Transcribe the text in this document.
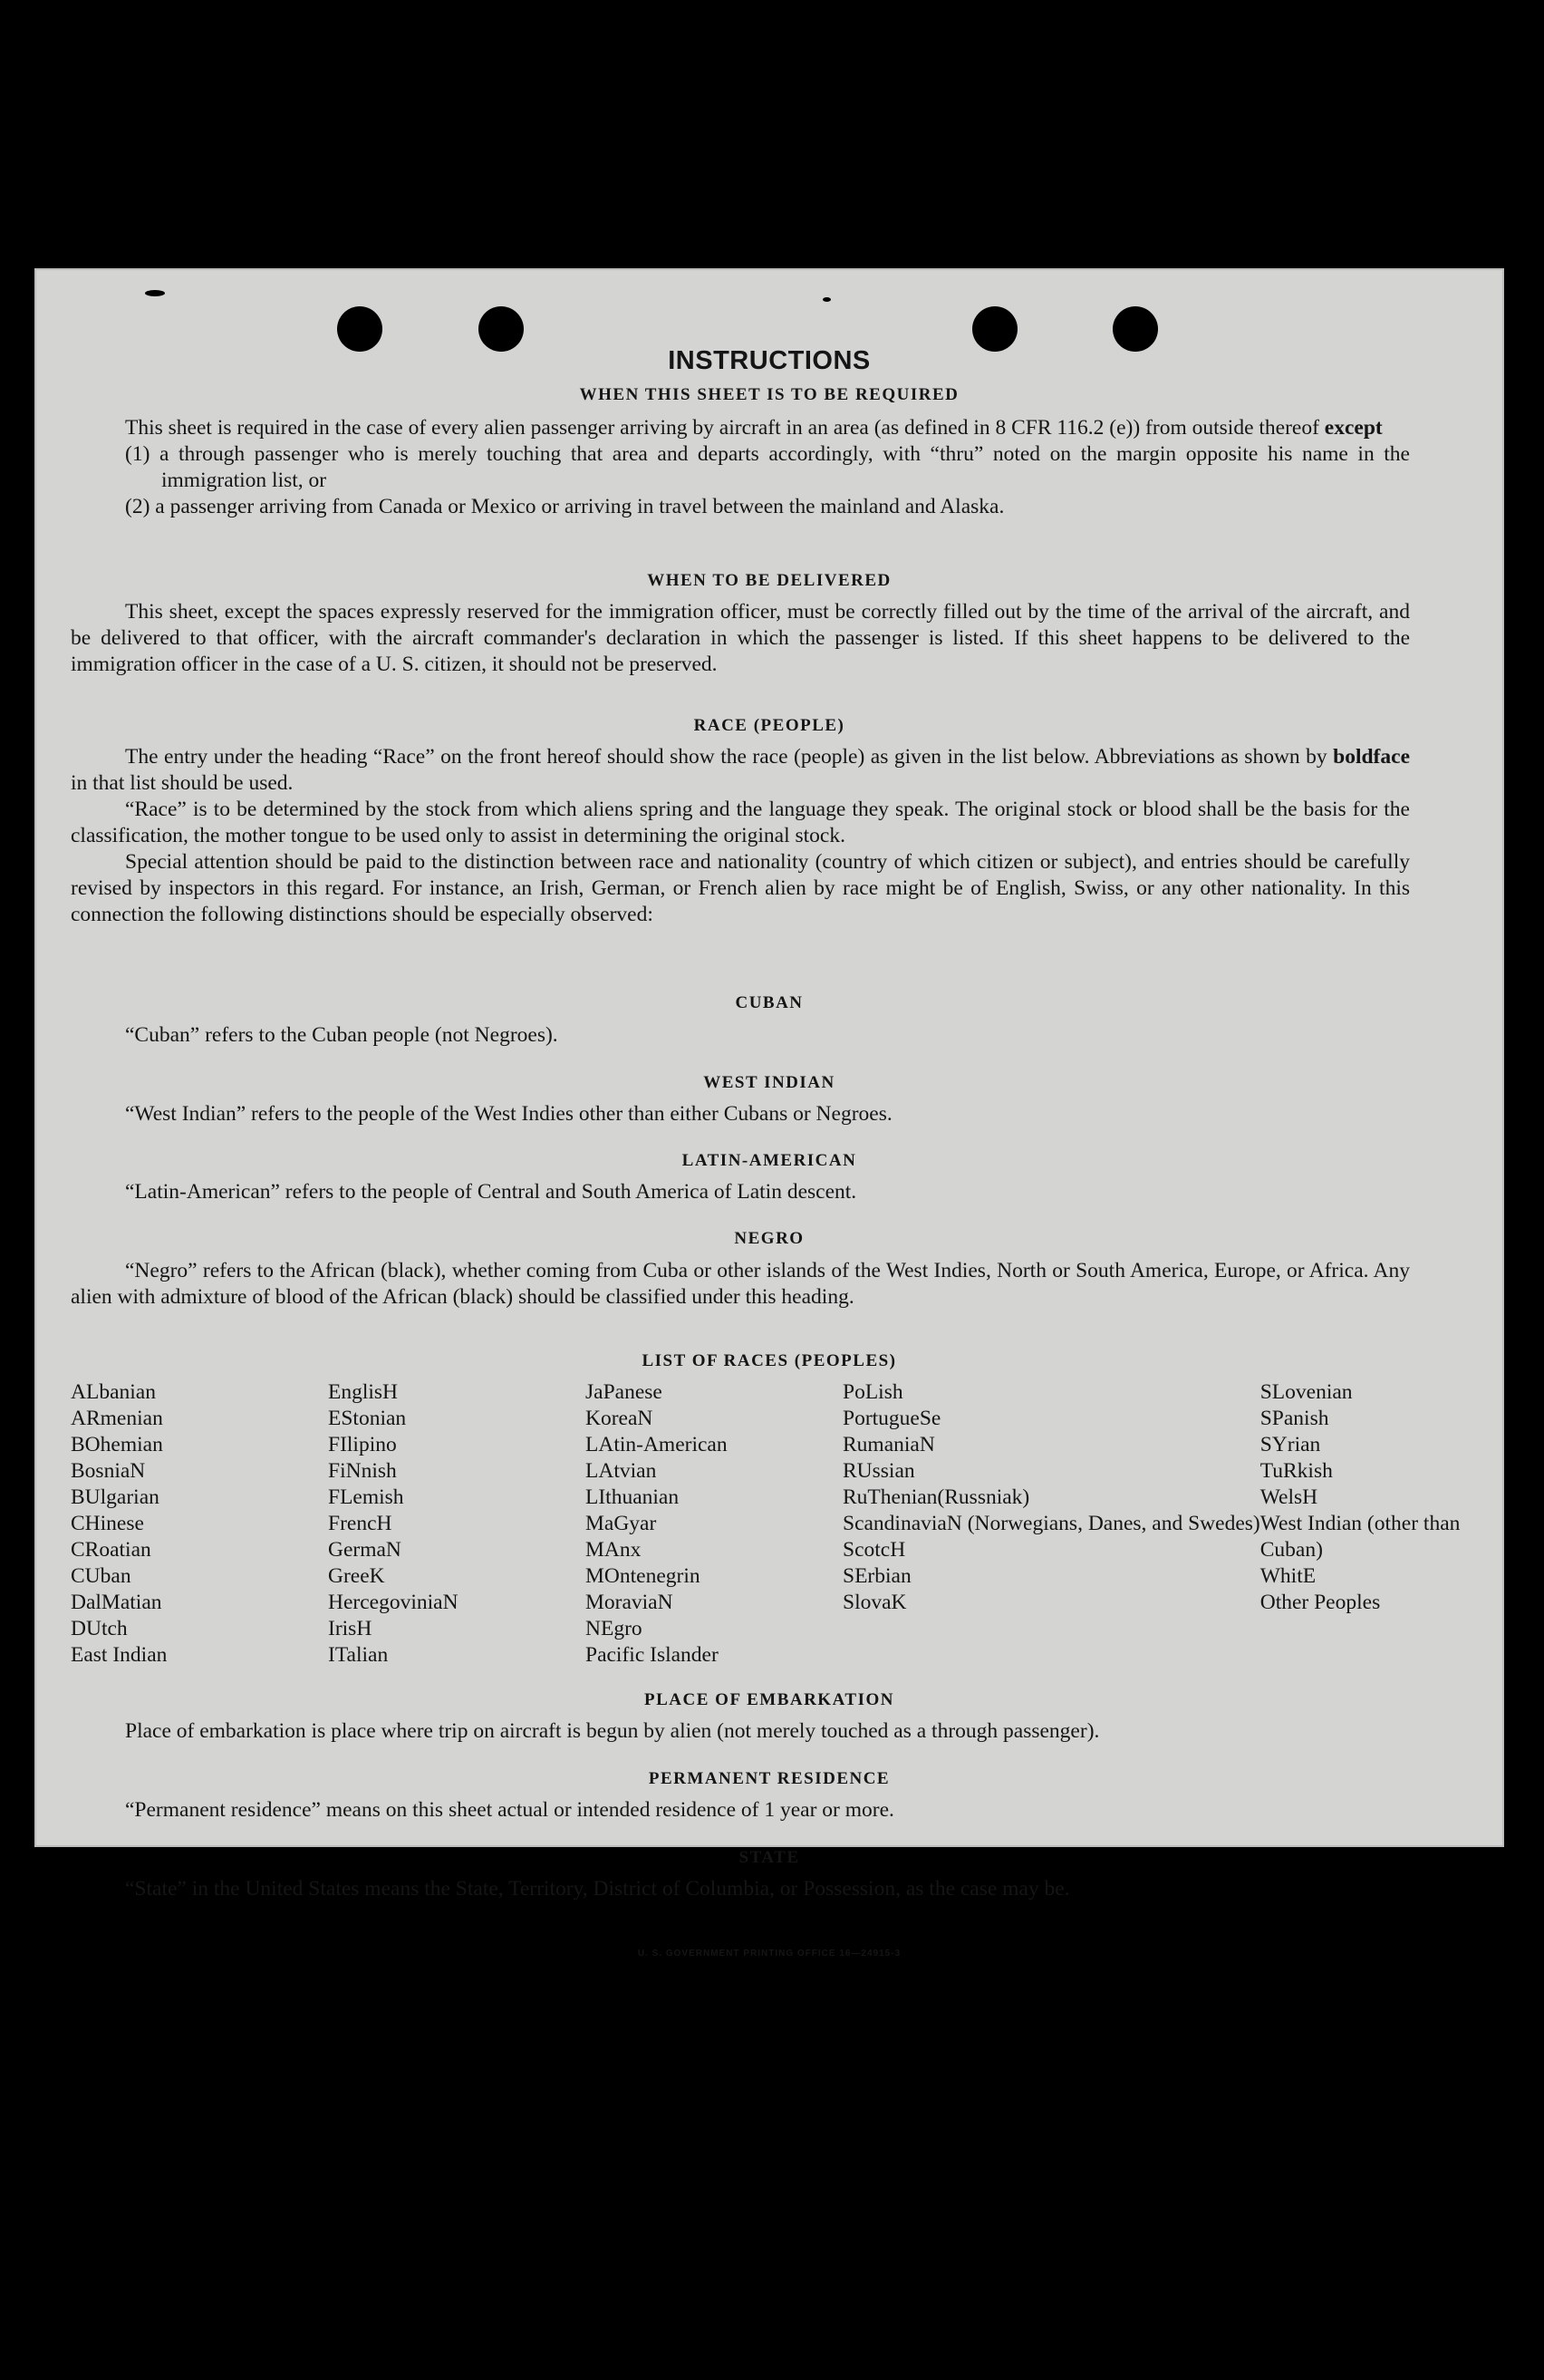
INSTRUCTIONS
WHEN THIS SHEET IS TO BE REQUIRED

This sheet is required in the case of every alien passenger arriving by aircraft in an area (as defined in 8 CFR 116.2 (e)) from outside thereof except

(1) a through passenger who is merely touching that area and departs accordingly, with “thru” noted on the margin opposite his name in the immigration list, or

(2) a passenger arriving from Canada or Mexico or arriving in travel between the mainland and Alaska.

WHEN TO BE DELIVERED

This sheet, except the spaces expressly reserved for the immigration officer, must be correctly filled out by the time of the arrival of the aircraft, and be delivered to that officer, with the aircraft commander's declaration in which the passenger is listed. If this sheet happens to be delivered to the immigration officer in the case of a U. S. citizen, it should not be preserved.

RACE (PEOPLE)

The entry under the heading “Race” on the front hereof should show the race (people) as given in the list below. Abbreviations as shown by boldface in that list should be used.

“Race” is to be determined by the stock from which aliens spring and the language they speak. The original stock or blood shall be the basis for the classification, the mother tongue to be used only to assist in determining the original stock.

Special attention should be paid to the distinction between race and nationality (country of which citizen or subject), and entries should be carefully revised by inspectors in this regard. For instance, an Irish, German, or French alien by race might be of English, Swiss, or any other nationality. In this connection the following distinctions should be especially observed:

CUBAN

“Cuban” refers to the Cuban people (not Negroes).

WEST INDIAN

“West Indian” refers to the people of the West Indies other than either Cubans or Negroes.

LATIN-AMERICAN

“Latin-American” refers to the people of Central and South America of Latin descent.

NEGRO

“Negro” refers to the African (black), whether coming from Cuba or other islands of the West Indies, North or South America, Europe, or Africa. Any alien with admixture of blood of the African (black) should be classified under this heading.

LIST OF RACES (PEOPLES)
ALbanian
ARmenian
BOhemian
BosniaN
BUlgarian
CHinese
CRoatian
CUban
DalMatian
DUtch
East Indian
EnglisH
EStonian
FIlipino
FiNnish
FLemish
FrencH
GermaN
GreeK
HercegoviniaN
IrisH
ITalian
JaPanese
KoreaN
LAtin-American
LAtvian
LIthuanian
MaGyar
MAnx
MOntenegrin
MoraviaN
NEgro
Pacific Islander
PoLish
PortugueSe
RumaniaN
RUssian
RuThenian(Russniak)
ScandinaviaN (Norwegians, Danes, and Swedes)
ScotcH
SErbian
SlovaK
SLovenian
SPanish
SYrian
TuRkish
WelsH
West Indian (other than Cuban)
WhitE
Other Peoples
PLACE OF EMBARKATION

Place of embarkation is place where trip on aircraft is begun by alien (not merely touched as a through passenger).

PERMANENT RESIDENCE

“Permanent residence” means on this sheet actual or intended residence of 1 year or more.

STATE

“State” in the United States means the State, Territory, District of Columbia, or Possession, as the case may be.

U. S. GOVERNMENT PRINTING OFFICE 16—24915-3
